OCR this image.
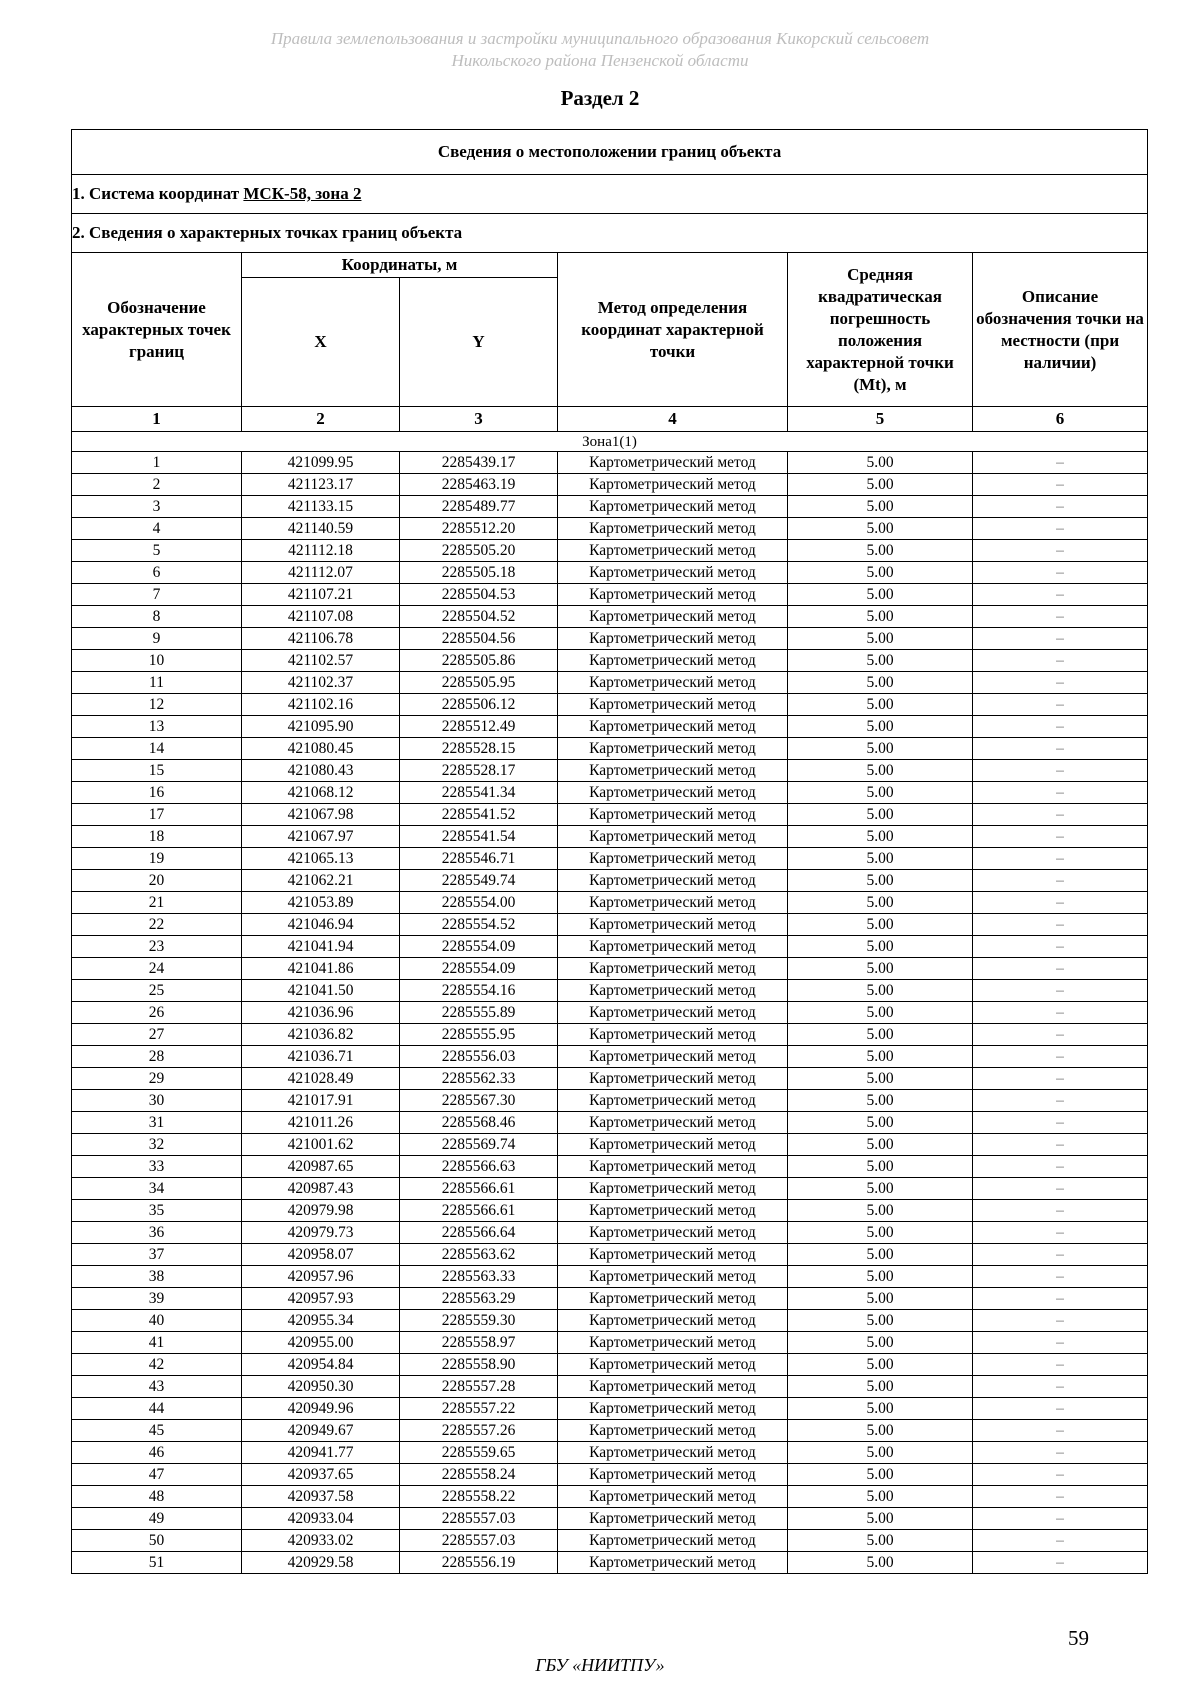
Правила землепользования и застройки муниципального образования Кикорский сельсовет
Никольского района Пензенской области
Раздел 2
Сведения о местоположении границ объекта					
1. Система координат МСК-58, зона 2					
2. Сведения о характерных точках границ объекта					
Обозначение характерных точек границ	Координаты, м		Метод определения координат характерной точки	Средняя квадратическая погрешность положения характерной точки (Мt), м	Описание обозначения точки на местности (при наличии)
	X	Y			
1	2	3	4	5	6
Зона1(1)					
1	421099.95	2285439.17	Картометрический метод	5.00	–
2	421123.17	2285463.19	Картометрический метод	5.00	–
3	421133.15	2285489.77	Картометрический метод	5.00	–
4	421140.59	2285512.20	Картометрический метод	5.00	–
5	421112.18	2285505.20	Картометрический метод	5.00	–
6	421112.07	2285505.18	Картометрический метод	5.00	–
7	421107.21	2285504.53	Картометрический метод	5.00	–
8	421107.08	2285504.52	Картометрический метод	5.00	–
9	421106.78	2285504.56	Картометрический метод	5.00	–
10	421102.57	2285505.86	Картометрический метод	5.00	–
11	421102.37	2285505.95	Картометрический метод	5.00	–
12	421102.16	2285506.12	Картометрический метод	5.00	–
13	421095.90	2285512.49	Картометрический метод	5.00	–
14	421080.45	2285528.15	Картометрический метод	5.00	–
15	421080.43	2285528.17	Картометрический метод	5.00	–
16	421068.12	2285541.34	Картометрический метод	5.00	–
17	421067.98	2285541.52	Картометрический метод	5.00	–
18	421067.97	2285541.54	Картометрический метод	5.00	–
19	421065.13	2285546.71	Картометрический метод	5.00	–
20	421062.21	2285549.74	Картометрический метод	5.00	–
21	421053.89	2285554.00	Картометрический метод	5.00	–
22	421046.94	2285554.52	Картометрический метод	5.00	–
23	421041.94	2285554.09	Картометрический метод	5.00	–
24	421041.86	2285554.09	Картометрический метод	5.00	–
25	421041.50	2285554.16	Картометрический метод	5.00	–
26	421036.96	2285555.89	Картометрический метод	5.00	–
27	421036.82	2285555.95	Картометрический метод	5.00	–
28	421036.71	2285556.03	Картометрический метод	5.00	–
29	421028.49	2285562.33	Картометрический метод	5.00	–
30	421017.91	2285567.30	Картометрический метод	5.00	–
31	421011.26	2285568.46	Картометрический метод	5.00	–
32	421001.62	2285569.74	Картометрический метод	5.00	–
33	420987.65	2285566.63	Картометрический метод	5.00	–
34	420987.43	2285566.61	Картометрический метод	5.00	–
35	420979.98	2285566.61	Картометрический метод	5.00	–
36	420979.73	2285566.64	Картометрический метод	5.00	–
37	420958.07	2285563.62	Картометрический метод	5.00	–
38	420957.96	2285563.33	Картометрический метод	5.00	–
39	420957.93	2285563.29	Картометрический метод	5.00	–
40	420955.34	2285559.30	Картометрический метод	5.00	–
41	420955.00	2285558.97	Картометрический метод	5.00	–
42	420954.84	2285558.90	Картометрический метод	5.00	–
43	420950.30	2285557.28	Картометрический метод	5.00	–
44	420949.96	2285557.22	Картометрический метод	5.00	–
45	420949.67	2285557.26	Картометрический метод	5.00	–
46	420941.77	2285559.65	Картометрический метод	5.00	–
47	420937.65	2285558.24	Картометрический метод	5.00	–
48	420937.58	2285558.22	Картометрический метод	5.00	–
49	420933.04	2285557.03	Картометрический метод	5.00	–
50	420933.02	2285557.03	Картометрический метод	5.00	–
51	420929.58	2285556.19	Картометрический метод	5.00	–
59
ГБУ «НИИТПУ»
